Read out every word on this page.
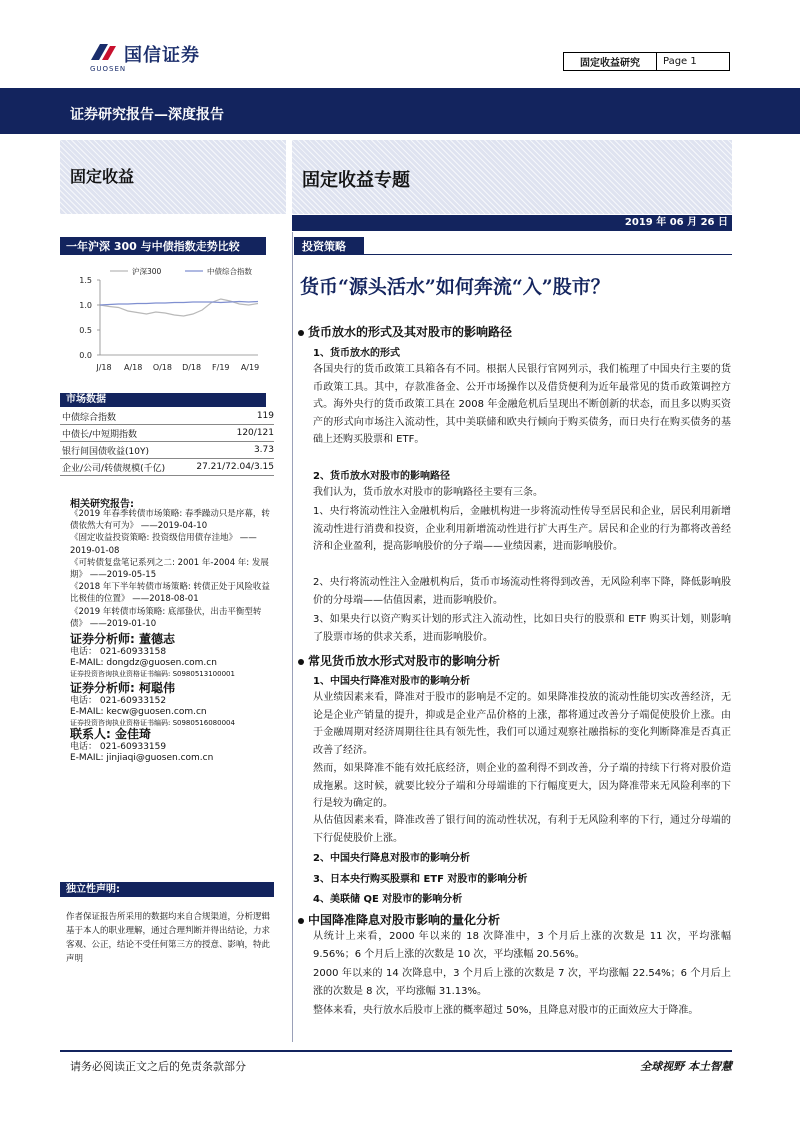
国信证券
GUOSEN	固定收益研究	Page 1
证券研究报告—深度报告
固定收益	固定收益专题
2019 年 06 月 26 日
一年沪深 300 与中债指数走势比较
0.0
0.5
1.0
1.5
J/18 A/18 O/18 D/18 F/19 A/19
沪深300	中债综合指数
市场数据
中债综合指数	119
中债长/中短期指数	120/121
银行间国债收益(10Y)	3.73
企业/公司/转债规模(千亿)	27.21/72.04/3.15
相关研究报告:
《2019 年春季转债市场策略: 春季躁动只是序幕，转债依然大有可为》 ——2019-04-10
《固定收益投资策略: 投资级信用债存洼地》 ——2019-01-08
《可转债复盘笔记系列之二: 2001 年-2004 年: 发展期》 ——2019-05-15
《2018 年下半年转债市场策略: 转债正处于风险收益比极佳的位置》 ——2018-08-01
《2019 年转债市场策略: 底部蛰伏，出击平衡型转债》 ——2019-01-10
证券分析师: 董德志
电话： 021-60933158
E-MAIL: dongdz@guosen.com.cn
证券投资咨询执业资格证书编码: S0980513100001
证券分析师: 柯聪伟
电话： 021-60933152
E-MAIL: kecw@guosen.com.cn
证券投资咨询执业资格证书编码: S0980516080004
联系人: 金佳琦
电话： 021-60933159
E-MAIL: jinjiaqi@guosen.com.cn
独立性声明:
作者保证报告所采用的数据均来自合规渠道，分析逻辑基于本人的职业理解，通过合理判断并得出结论，力求客观、公正，结论不受任何第三方的授意、影响，特此声明
投资策略
货币“源头活水”如何奔流“入”股市？
货币放水的形式及其对股市的影响路径
1、货币放水的形式
各国央行的货币政策工具箱各有不同。根据人民银行官网列示，我们梳理了中国央行主要的货币政策工具。其中，存款准备金、公开市场操作以及借贷便利为近年最常见的货币政策调控方式。海外央行的货币政策工具在 2008 年金融危机后呈现出不断创新的状态，而且多以购买资产的形式向市场注入流动性，其中美联储和欧央行倾向于购买债务，而日央行在购买债务的基础上还购买股票和 ETF。
2、货币放水对股市的影响路径
我们认为，货币放水对股市的影响路径主要有三条。
1、央行将流动性注入金融机构后，金融机构进一步将流动性传导至居民和企业，居民利用新增流动性进行消费和投资，企业利用新增流动性进行扩大再生产。居民和企业的行为都将改善经济和企业盈利，提高影响股价的分子端——业绩因素，进而影响股价。
2、央行将流动性注入金融机构后，货币市场流动性将得到改善，无风险利率下降，降低影响股价的分母端——估值因素，进而影响股价。
3、如果央行以资产购买计划的形式注入流动性，比如日央行的股票和 ETF 购买计划，则影响了股票市场的供求关系，进而影响股价。
常见货币放水形式对股市的影响分析
1、中国央行降准对股市的影响分析
从业绩因素来看，降准对于股市的影响是不定的。如果降准投放的流动性能切实改善经济，无论是企业产销量的提升，抑或是企业产品价格的上涨，都将通过改善分子端促使股价上涨。由于金融周期对经济周期往往具有领先性，我们可以通过观察社融指标的变化判断降准是否真正改善了经济。
然而，如果降准不能有效托底经济，则企业的盈利得不到改善，分子端的持续下行将对股价造成拖累。这时候，就要比较分子端和分母端谁的下行幅度更大，因为降准带来无风险利率的下行是较为确定的。
从估值因素来看，降准改善了银行间的流动性状况，有利于无风险利率的下行，通过分母端的下行促使股价上涨。
2、中国央行降息对股市的影响分析
3、日本央行购买股票和 ETF 对股市的影响分析
4、美联储 QE 对股市的影响分析
中国降准降息对股市影响的量化分析
从统计上来看，2000 年以来的 18 次降准中，3 个月后上涨的次数是 11 次，平均涨幅 9.56%；6 个月后上涨的次数是 10 次，平均涨幅 20.56%。
2000 年以来的 14 次降息中，3 个月后上涨的次数是 7 次，平均涨幅 22.54%；6 个月后上涨的次数是 8 次，平均涨幅 31.13%。
整体来看，央行放水后股市上涨的概率超过 50%，且降息对股市的正面效应大于降准。
请务必阅读正文之后的免责条款部分	全球视野 本土智慧
